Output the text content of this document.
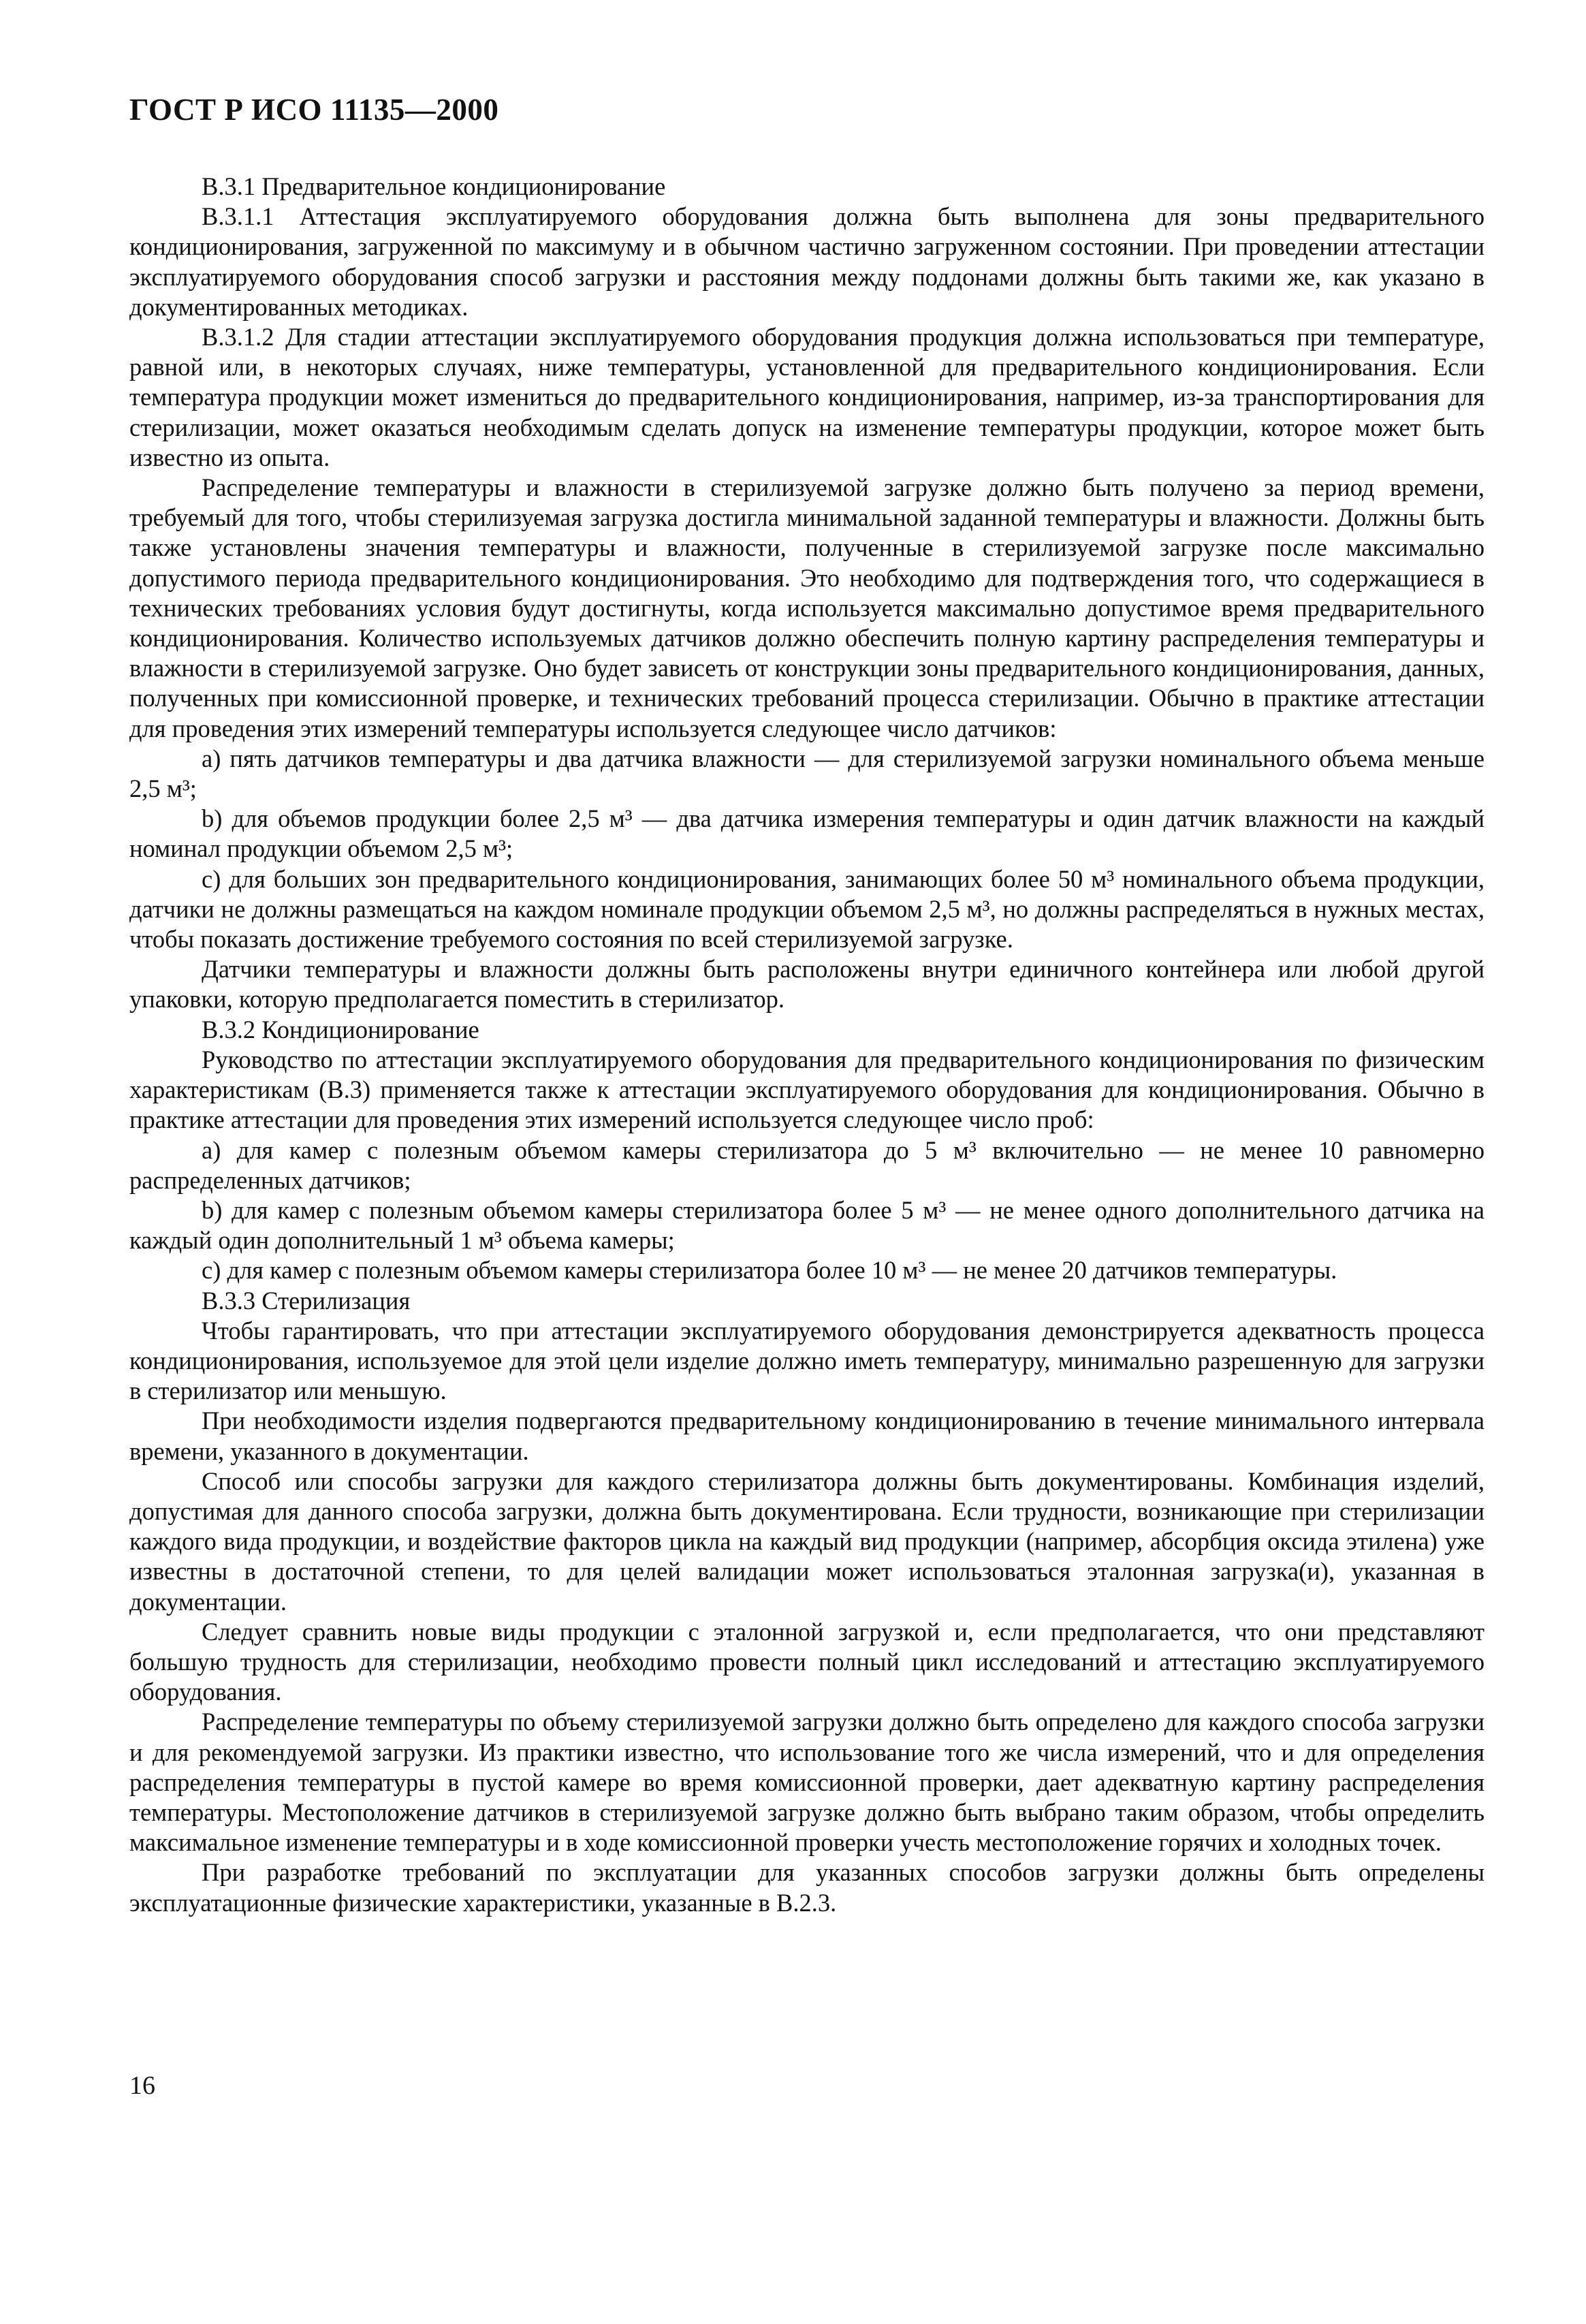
ГОСТ Р ИСО 11135—2000

В.3.1 Предварительное кондиционирование

В.3.1.1 Аттестация эксплуатируемого оборудования должна быть выполнена для зоны предварительного кондиционирования, загруженной по максимуму и в обычном частично загруженном состоянии. При проведении аттестации эксплуатируемого оборудования способ загрузки и расстояния между поддонами должны быть такими же, как указано в документированных методиках.

В.3.1.2 Для стадии аттестации эксплуатируемого оборудования продукция должна использоваться при температуре, равной или, в некоторых случаях, ниже температуры, установленной для предварительного кондиционирования. Если температура продукции может измениться до предварительного кондиционирования, например, из-за транспортирования для стерилизации, может оказаться необходимым сделать допуск на изменение температуры продукции, которое может быть известно из опыта.

Распределение температуры и влажности в стерилизуемой загрузке должно быть получено за период времени, требуемый для того, чтобы стерилизуемая загрузка достигла минимальной заданной температуры и влажности. Должны быть также установлены значения температуры и влажности, полученные в стерилизуемой загрузке после максимально допустимого периода предварительного кондиционирования. Это необходимо для подтверждения того, что содержащиеся в технических требованиях условия будут достигнуты, когда используется максимально допустимое время предварительного кондиционирования. Количество используемых датчиков должно обеспечить полную картину распределения температуры и влажности в стерилизуемой загрузке. Оно будет зависеть от конструкции зоны предварительного кондиционирования, данных, полученных при комиссионной проверке, и технических требований процесса стерилизации. Обычно в практике аттестации для проведения этих измерений температуры используется следующее число датчиков:

а) пять датчиков температуры и два датчика влажности — для стерилизуемой загрузки номинального объема меньше 2,5 м³;

b) для объемов продукции более 2,5 м³ — два датчика измерения температуры и один датчик влажности на каждый номинал продукции объемом 2,5 м³;

с) для больших зон предварительного кондиционирования, занимающих более 50 м³ номинального объема продукции, датчики не должны размещаться на каждом номинале продукции объемом 2,5 м³, но должны распределяться в нужных местах, чтобы показать достижение требуемого состояния по всей стерилизуемой загрузке.

Датчики температуры и влажности должны быть расположены внутри единичного контейнера или любой другой упаковки, которую предполагается поместить в стерилизатор.

В.3.2 Кондиционирование

Руководство по аттестации эксплуатируемого оборудования для предварительного кондиционирования по физическим характеристикам (В.3) применяется также к аттестации эксплуатируемого оборудования для кондиционирования. Обычно в практике аттестации для проведения этих измерений используется следующее число проб:

а) для камер с полезным объемом камеры стерилизатора до 5 м³ включительно — не менее 10 равномерно распределенных датчиков;

b) для камер с полезным объемом камеры стерилизатора более 5 м³ — не менее одного дополнительного датчика на каждый один дополнительный 1 м³ объема камеры;

с) для камер с полезным объемом камеры стерилизатора более 10 м³ — не менее 20 датчиков температуры.

В.3.3 Стерилизация

Чтобы гарантировать, что при аттестации эксплуатируемого оборудования демонстрируется адекватность процесса кондиционирования, используемое для этой цели изделие должно иметь температуру, минимально разрешенную для загрузки в стерилизатор или меньшую.

При необходимости изделия подвергаются предварительному кондиционированию в течение минимального интервала времени, указанного в документации.

Способ или способы загрузки для каждого стерилизатора должны быть документированы. Комбинация изделий, допустимая для данного способа загрузки, должна быть документирована. Если трудности, возникающие при стерилизации каждого вида продукции, и воздействие факторов цикла на каждый вид продукции (например, абсорбция оксида этилена) уже известны в достаточной степени, то для целей валидации может использоваться эталонная загрузка(и), указанная в документации.

Следует сравнить новые виды продукции с эталонной загрузкой и, если предполагается, что они представляют большую трудность для стерилизации, необходимо провести полный цикл исследований и аттестацию эксплуатируемого оборудования.

Распределение температуры по объему стерилизуемой загрузки должно быть определено для каждого способа загрузки и для рекомендуемой загрузки. Из практики известно, что использование того же числа измерений, что и для определения распределения температуры в пустой камере во время комиссионной проверки, дает адекватную картину распределения температуры. Местоположение датчиков в стерилизуемой загрузке должно быть выбрано таким образом, чтобы определить максимальное изменение температуры и в ходе комиссионной проверки учесть местоположение горячих и холодных точек.

При разработке требований по эксплуатации для указанных способов загрузки должны быть определены эксплуатационные физические характеристики, указанные в В.2.3.

16
